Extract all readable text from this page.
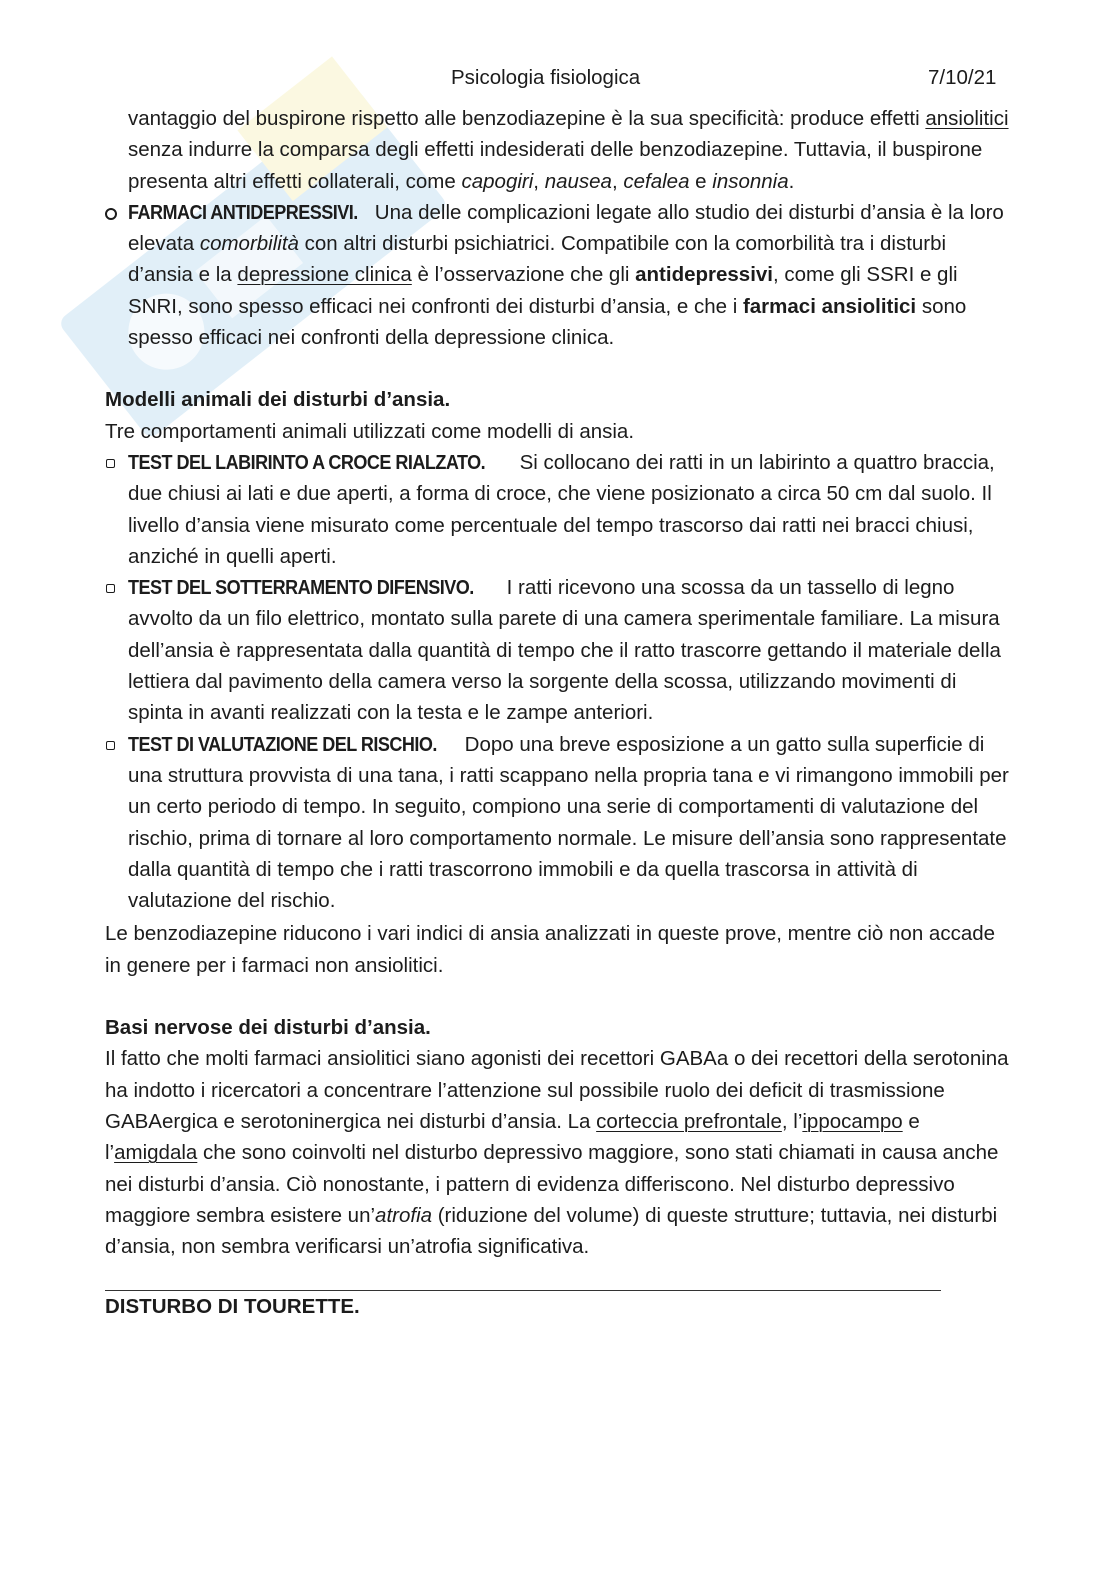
Psicologia fisiologica	7/10/21

vantaggio del buspirone rispetto alle benzodiazepine è la sua specificità: produce effetti ansiolitici senza indurre la comparsa degli effetti indesiderati delle benzodiazepine. Tuttavia, il buspirone presenta altri effetti collaterali, come capogiri, nausea, cefalea e insonnia.

FARMACI ANTIDEPRESSIVI. Una delle complicazioni legate allo studio dei disturbi d’ansia è la loro elevata comorbilità con altri disturbi psichiatrici. Compatibile con la comorbilità tra i disturbi d’ansia e la depressione clinica è l’osservazione che gli antidepressivi, come gli SSRI e gli SNRI, sono spesso efficaci nei confronti dei disturbi d’ansia, e che i farmaci ansiolitici sono spesso efficaci nei confronti della depressione clinica.

Modelli animali dei disturbi d’ansia.

Tre comportamenti animali utilizzati come modelli di ansia.

TEST DEL LABIRINTO A CROCE RIALZATO. Si collocano dei ratti in un labirinto a quattro braccia, due chiusi ai lati e due aperti, a forma di croce, che viene posizionato a circa 50 cm dal suolo. Il livello d’ansia viene misurato come percentuale del tempo trascorso dai ratti nei bracci chiusi, anziché in quelli aperti.
TEST DEL SOTTERRAMENTO DIFENSIVO. I ratti ricevono una scossa da un tassello di legno avvolto da un filo elettrico, montato sulla parete di una camera sperimentale familiare. La misura dell’ansia è rappresentata dalla quantità di tempo che il ratto trascorre gettando il materiale della lettiera dal pavimento della camera verso la sorgente della scossa, utilizzando movimenti di spinta in avanti realizzati con la testa e le zampe anteriori.
TEST DI VALUTAZIONE DEL RISCHIO. Dopo una breve esposizione a un gatto sulla superficie di una struttura provvista di una tana, i ratti scappano nella propria tana e vi rimangono immobili per un certo periodo di tempo. In seguito, compiono una serie di comportamenti di valutazione del rischio, prima di tornare al loro comportamento normale. Le misure dell’ansia sono rappresentate dalla quantità di tempo che i ratti trascorrono immobili e da quella trascorsa in attività di valutazione del rischio.

Le benzodiazepine riducono i vari indici di ansia analizzati in queste prove, mentre ciò non accade in genere per i farmaci non ansiolitici.

Basi nervose dei disturbi d’ansia.

Il fatto che molti farmaci ansiolitici siano agonisti dei recettori GABAa o dei recettori della serotonina ha indotto i ricercatori a concentrare l’attenzione sul possibile ruolo dei deficit di trasmissione GABAergica e serotoninergica nei disturbi d’ansia. La corteccia prefrontale, l’ippocampo e l’amigdala che sono coinvolti nel disturbo depressivo maggiore, sono stati chiamati in causa anche nei disturbi d’ansia. Ciò nonostante, i pattern di evidenza differiscono. Nel disturbo depressivo maggiore sembra esistere un’atrofia (riduzione del volume) di queste strutture; tuttavia, nei disturbi d’ansia, non sembra verificarsi un’atrofia significativa.

DISTURBO DI TOURETTE.
